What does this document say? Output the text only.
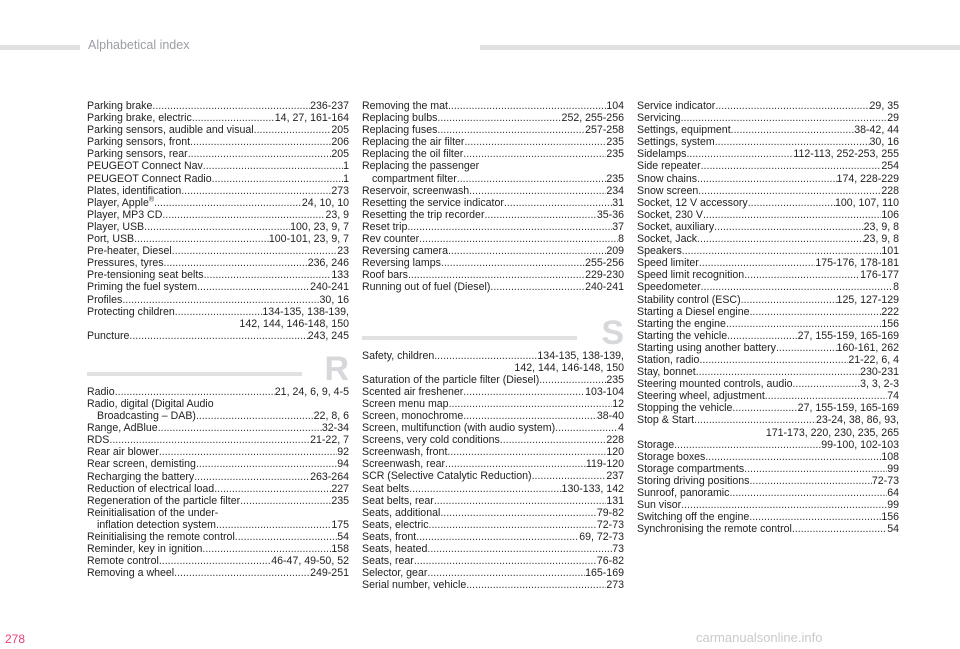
Alphabetical index
Parking brake .....	236-237
Parking brake, electric .....	14, 27, 161-164
Parking sensors, audible and visual .....	205
Parking sensors, front .....	206
Parking sensors, rear .....	205
PEUGEOT Connect Nav .....	1
PEUGEOT Connect Radio .....	1
Plates, identification .....	273
Player, Apple® .....	24, 10, 10
Player, MP3 CD .....	23, 9
Player, USB .....	100, 23, 9, 7
Port, USB .....	100-101, 23, 9, 7
Pre-heater, Diesel .....	23
Pressures, tyres .....	236, 246
Pre-tensioning seat belts .....	133
Priming the fuel system .....	240-241
Profiles .....	30, 16
Protecting children .....	134-135, 138-139,
142, 144, 146-148, 150
Puncture .....	243, 245
R
Radio .....	21, 24, 6, 9, 4-5
Radio, digital (Digital Audio
Broadcasting – DAB) .....	22, 8, 6
Range, AdBlue .....	32-34
RDS .....	21-22, 7
Rear air blower .....	92
Rear screen, demisting .....	94
Recharging the battery .....	263-264
Reduction of electrical load .....	227
Regeneration of the particle filter .....	235
Reinitialisation of the under-
inflation detection system .....	175
Reinitialising the remote control .....	54
Reminder, key in ignition .....	158
Remote control .....	46-47, 49-50, 52
Removing a wheel .....	249-251
Removing the mat .....	104
Replacing bulbs .....	252, 255-256
Replacing fuses .....	257-258
Replacing the air filter .....	235
Replacing the oil filter .....	235
Replacing the passenger
compartment filter .....	235
Reservoir, screenwash .....	234
Resetting the service indicator .....	31
Resetting the trip recorder .....	35-36
Reset trip .....	37
Rev counter .....	8
Reversing camera .....	209
Reversing lamps .....	255-256
Roof bars .....	229-230
Running out of fuel (Diesel) .....	240-241
S
Safety, children .....	134-135, 138-139,
142, 144, 146-148, 150
Saturation of the particle filter (Diesel) .....	235
Scented air freshener .....	103-104
Screen menu map .....	12
Screen, monochrome .....	38-40
Screen, multifunction (with audio system) .....	4
Screens, very cold conditions .....	228
Screenwash, front .....	120
Screenwash, rear .....	119-120
SCR (Selective Catalytic Reduction) .....	237
Seat belts .....	130-133, 142
Seat belts, rear .....	131
Seats, additional .....	79-82
Seats, electric .....	72-73
Seats, front .....	69, 72-73
Seats, heated .....	73
Seats, rear .....	76-82
Selector, gear .....	165-169
Serial number, vehicle .....	273
Service indicator .....	29, 35
Servicing .....	29
Settings, equipment .....	38-42, 44
Settings, system .....	30, 16
Sidelamps .....	112-113, 252-253, 255
Side repeater .....	254
Snow chains .....	174, 228-229
Snow screen .....	228
Socket, 12 V accessory .....	100, 107, 110
Socket, 230 V .....	106
Socket, auxiliary .....	23, 9, 8
Socket, Jack .....	23, 9, 8
Speakers .....	101
Speed limiter .....	175-176, 178-181
Speed limit recognition .....	176-177
Speedometer .....	8
Stability control (ESC) .....	125, 127-129
Starting a Diesel engine .....	222
Starting the engine .....	156
Starting the vehicle .....	27, 155-159, 165-169
Starting using another battery .....	160-161, 262
Station, radio .....	21-22, 6, 4
Stay, bonnet .....	230-231
Steering mounted controls, audio .....	3, 3, 2-3
Steering wheel, adjustment .....	74
Stopping the vehicle .....	27, 155-159, 165-169
Stop & Start .....	23-24, 38, 86, 93,
171-173, 220, 230, 235, 265
Storage .....	99-100, 102-103
Storage boxes .....	108
Storage compartments .....	99
Storing driving positions .....	72-73
Sunroof, panoramic .....	64
Sun visor .....	99
Switching off the engine .....	156
Synchronising the remote control .....	54
278	carmanualsonline.info
